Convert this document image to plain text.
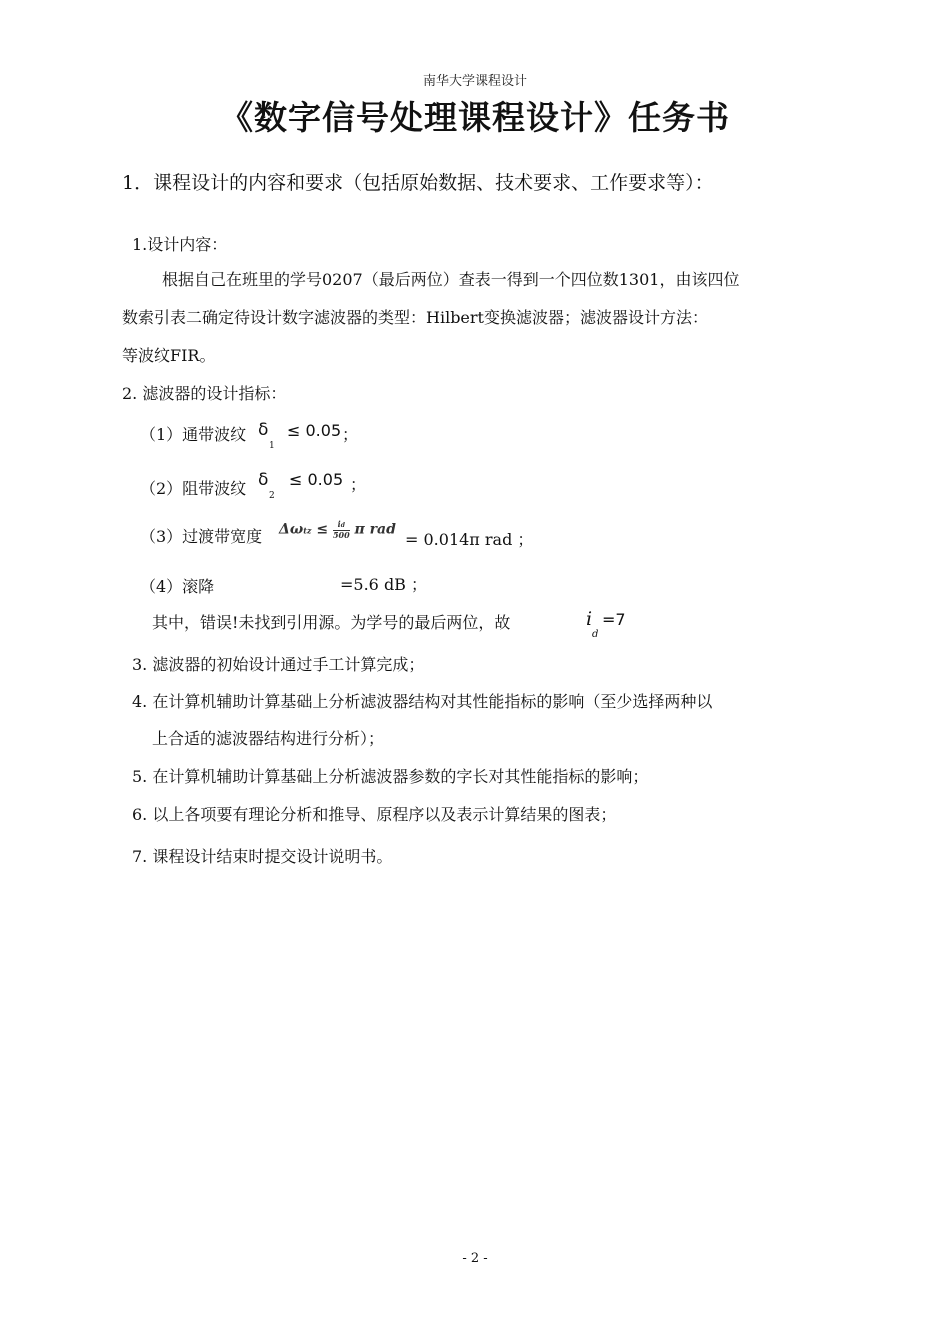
南华大学课程设计
《数字信号处理课程设计》任务书
1．课程设计的内容和要求（包括原始数据、技术要求、工作要求等）：
1.设计内容：
根据自己在班里的学号0207（最后两位）查表一得到一个四位数1301，由该四位
数索引表二确定待设计数字滤波器的类型：Hilbert变换滤波器；滤波器设计方法：
等波纹FIR。
2. 滤波器的设计指标：
（1）通带波纹 δ
1
≤ 0.05 ；
（2）阻带波纹 δ
2
≤ 0.05 ；
（3）过渡带宽度 $\Delta\omega tz \le \frac{id}{500}$ π rad
= 0.014π rad ；
（4）滚降	=5.6 dB ；
其中，错误!未找到引用源。为学号的最后两位，故	i
d
=7
3. 滤波器的初始设计通过手工计算完成；
4. 在计算机辅助计算基础上分析滤波器结构对其性能指标的影响（至少选择两种以
上合适的滤波器结构进行分析）；
5. 在计算机辅助计算基础上分析滤波器参数的字长对其性能指标的影响；
6. 以上各项要有理论分析和推导、原程序以及表示计算结果的图表；
7. 课程设计结束时提交设计说明书。
- 2 -
